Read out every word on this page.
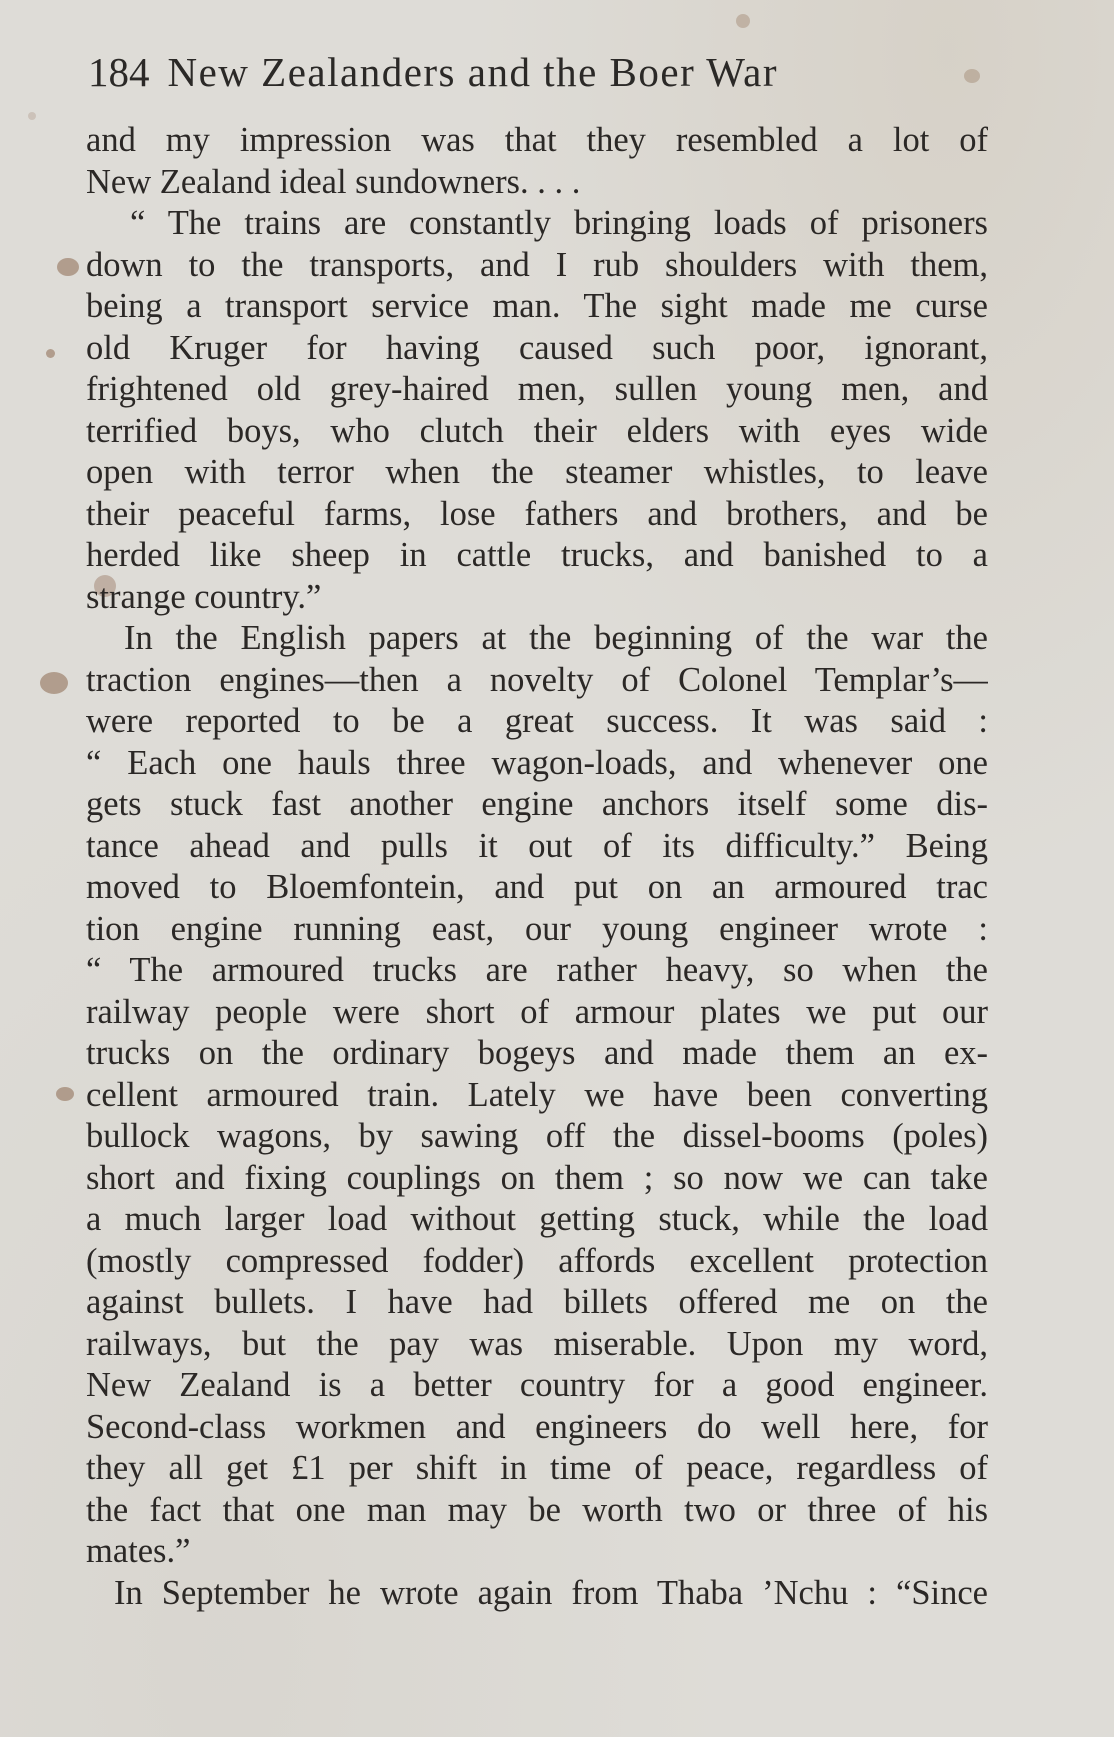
184 New Zealanders and the Boer War
and my impression was that they resembled a lot of
New Zealand ideal sundowners. . . .
“ The trains are constantly bringing loads of prisoners
down to the transports, and I rub shoulders with them,
being a transport service man. The sight made me curse
old Kruger for having caused such poor, ignorant,
frightened old grey-haired men, sullen young men, and
terrified boys, who clutch their elders with eyes wide
open with terror when the steamer whistles, to leave
their peaceful farms, lose fathers and brothers, and be
herded like sheep in cattle trucks, and banished to a
strange country.”
In the English papers at the beginning of the war the
traction engines—then a novelty of Colonel Templar’s—
were reported to be a great success. It was said :
“ Each one hauls three wagon-loads, and whenever one
gets stuck fast another engine anchors itself some dis-
tance ahead and pulls it out of its difficulty.” Being
moved to Bloemfontein, and put on an armoured trac
tion engine running east, our young engineer wrote :
“ The armoured trucks are rather heavy, so when the
railway people were short of armour plates we put our
trucks on the ordinary bogeys and made them an ex-
cellent armoured train. Lately we have been converting
bullock wagons, by sawing off the dissel-booms (poles)
short and fixing couplings on them ; so now we can take
a much larger load without getting stuck, while the load
(mostly compressed fodder) affords excellent protection
against bullets. I have had billets offered me on the
railways, but the pay was miserable. Upon my word,
New Zealand is a better country for a good engineer.
Second-class workmen and engineers do well here, for
they all get £1 per shift in time of peace, regardless of
the fact that one man may be worth two or three of his
mates.”
In September he wrote again from Thaba ’Nchu : “Since
